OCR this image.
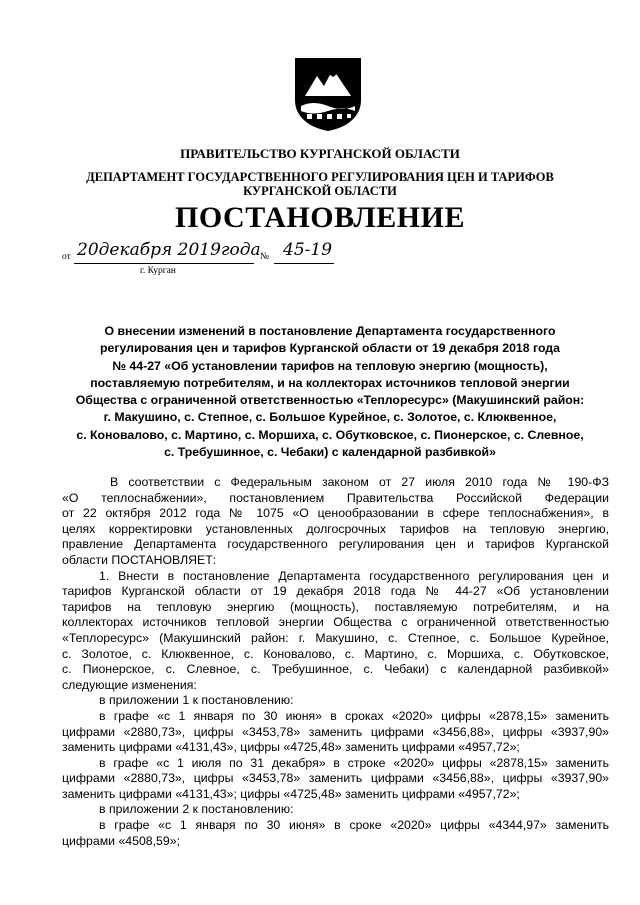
ПРАВИТЕЛЬСТВО КУРГАНСКОЙ ОБЛАСТИ
ДЕПАРТАМЕНТ ГОСУДАРСТВЕННОГО РЕГУЛИРОВАНИЯ ЦЕН И ТАРИФОВ
КУРГАНСКОЙ ОБЛАСТИ
ПОСТАНОВЛЕНИЕ
от 20декабря 2019года № 45-19
г. Курган
О внесении изменений в постановление Департамента государственного
регулирования цен и тарифов Курганской области от 19 декабря 2018 года
№ 44-27 «Об установлении тарифов на тепловую энергию (мощность),
поставляемую потребителям, и на коллекторах источников тепловой энергии
Общества с ограниченной ответственностью «Теплоресурс» (Макушинский район:
г. Макушино, с. Степное, с. Большое Курейное, с. Золотое, с. Клюквенное,
с. Коновалово, с. Мартино, с. Моршиха, с. Обутковское, с. Пионерское, с. Слевное,
с. Требушинное, с. Чебаки) с календарной разбивкой»
В соответствии с Федеральным законом от 27 июля 2010 года № 190-ФЗ
«О теплоснабжении», постановлением Правительства Российской Федерации
от 22 октября 2012 года № 1075 «О ценообразовании в сфере теплоснабжения», в
целях корректировки установленных долгосрочных тарифов на тепловую энергию,
правление Департамента государственного регулирования цен и тарифов Курганской
области ПОСТАНОВЛЯЕТ:
1. Внести в постановление Департамента государственного регулирования цен и
тарифов Курганской области от 19 декабря 2018 года № 44-27 «Об установлении
тарифов на тепловую энергию (мощность), поставляемую потребителям, и на
коллекторах источников тепловой энергии Общества с ограниченной ответственностью
«Теплоресурс» (Макушинский район: г. Макушино, с. Степное, с. Большое Курейное,
с. Золотое, с. Клюквенное, с. Коновалово, с. Мартино, с. Моршиха, с. Обутковское,
с. Пионерское, с. Слевное, с. Требушинное, с. Чебаки) с календарной разбивкой»
следующие изменения:
в приложении 1 к постановлению:
в графе «с 1 января по 30 июня» в сроках «2020» цифры «2878,15» заменить
цифрами «2880,73», цифры «3453,78» заменить цифрами «3456,88», цифры «3937,90»
заменить цифрами «4131,43», цифры «4725,48» заменить цифрами «4957,72»;
в графе «с 1 июля по 31 декабря» в строке «2020» цифры «2878,15» заменить
цифрами «2880,73», цифры «3453,78» заменить цифрами «3456,88», цифры «3937,90»
заменить цифрами «4131,43»; цифры «4725,48» заменить цифрами «4957,72»;
в приложении 2 к постановлению:
в графе «с 1 января по 30 июня» в сроке «2020» цифры «4344,97» заменить
цифрами «4508,59»;
